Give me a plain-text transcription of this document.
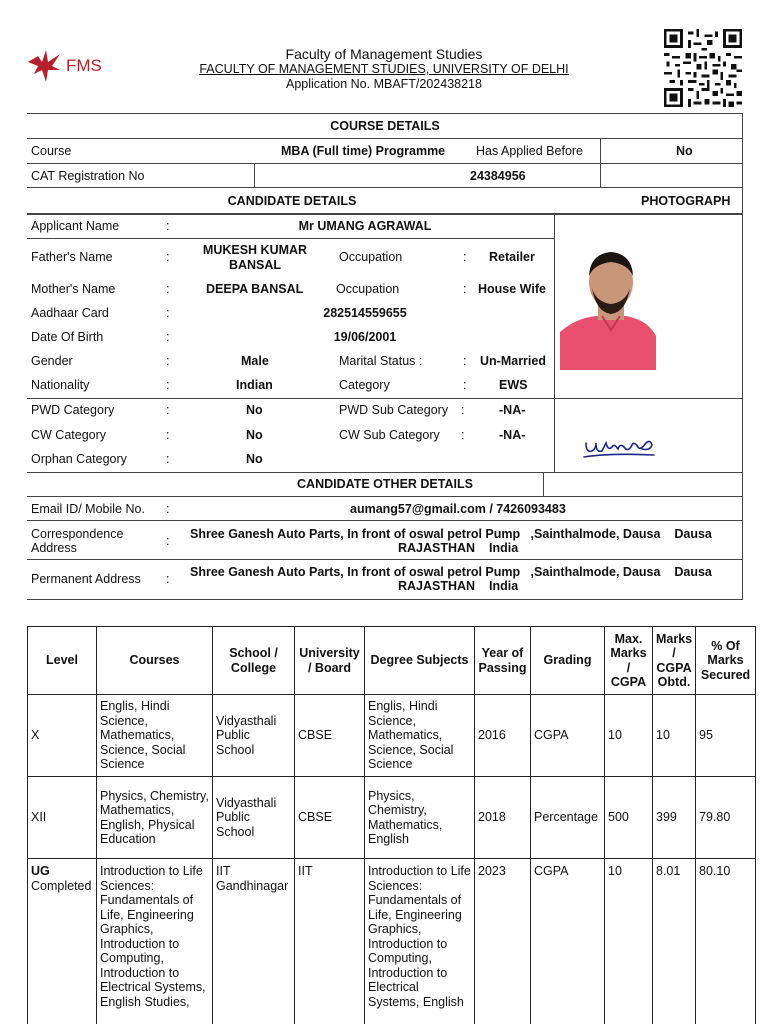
FMS
Faculty of Management Studies
FACULTY OF MANAGEMENT STUDIES, UNIVERSITY OF DELHI
Application No. MBAFT/202438218
COURSE DETAILS
Course	MBA (Full time) Programme Has Applied Before	No
CAT Registration No	24384956
CANDIDATE DETAILS	PHOTOGRAPH
Applicant Name	:	Mr UMANG AGRAWAL
Father's Name	:	MUKESH KUMAR BANSAL
Occupation	: Retailer
Mother's Name	:	DEEPA BANSAL	Occupation	: House Wife
Aadhaar Card	:	282514559655
Date Of Birth	:	19/06/2001
Gender	:	Male	Marital Status :	: Un-Married
Nationality	:	Indian	Category	:	EWS
PWD Category	:	No	PWD Sub Category :	-NA-
CW Category	:	No	CW Sub Category :	-NA-
Orphan Category	:	No
CANDIDATE OTHER DETAILS
Email ID/ Mobile No. :	aumang57@gmail.com / 7426093483
Correspondence Address	: Shree Ganesh Auto Parts, In front of oswal petrol Pump   ,Sainthalmode, Dausa    Dausa
RAJASTHAN    India
Permanent Address : Shree Ganesh Auto Parts, In front of oswal petrol Pump   ,Sainthalmode, Dausa    Dausa
RAJASTHAN    India
Level	Courses	School / College	University / Board	Degree Subjects	Year of Passing	Grading	Max. Marks / CGPA	Marks / CGPA Obtd.	% Of Marks Secured
X	Englis, Hindi Science, Mathematics, Science, Social Science	Vidyasthali Public School	CBSE	Englis, Hindi Science, Mathematics, Science, Social Science	2016	CGPA	10	10	95
XII	Physics, Chemistry, Mathematics, English, Physical Education	Vidyasthali Public School	CBSE	Physics, Chemistry, Mathematics, English	2018	Percentage	500	399	79.80
UG
Completed	Introduction to Life Sciences: Fundamentals of Life, Engineering Graphics, Introduction to Computing, Introduction to Electrical Systems, English Studies,	IIT Gandhinagar	IIT	Introduction to Life Sciences: Fundamentals of Life, Engineering Graphics, Introduction to Computing, Introduction to Electrical Systems, English	2023	CGPA	10	8.01	80.10
